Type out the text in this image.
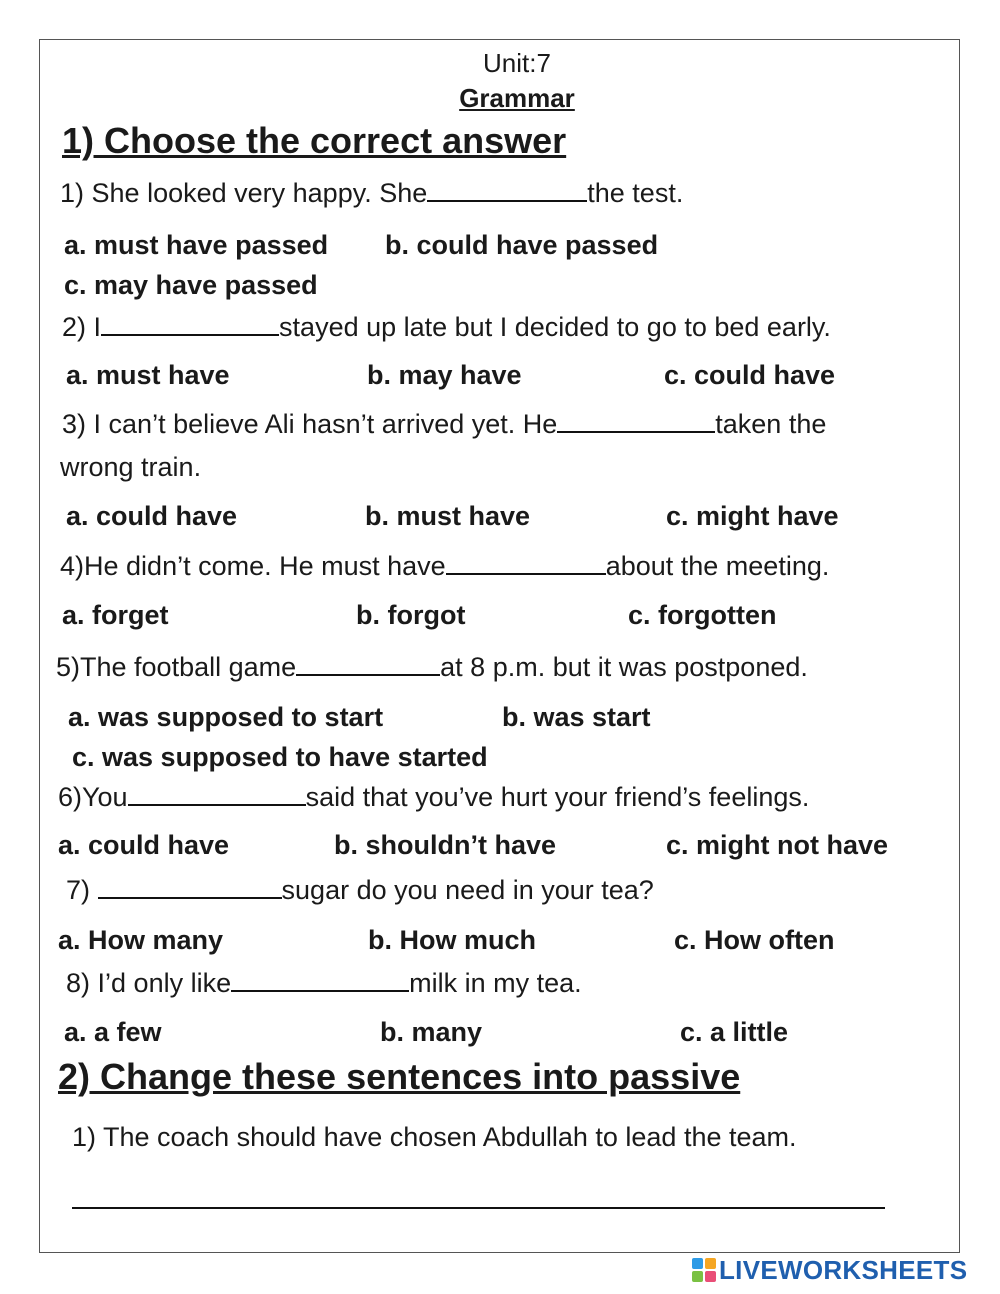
Unit:7
Grammar
1) Choose the correct answer
1) She looked very happy. She	the test.
a. must have passed b. could have passed
c. may have passed
2) I	stayed up late but I decided to go to bed early.
a. must have	b. may have	c. could have
3) I can’t believe Ali hasn’t arrived yet. He	taken the
wrong train.
a. could have	b. must have	c. might have
4)He didn’t come. He must have	about the meeting.
a. forget	b. forgot	c. forgotten
5)The football game	at 8 p.m. but it was postponed.
a. was supposed to start	b. was start
c. was supposed to have started
6)You	said that you’ve hurt your friend’s feelings.
a. could have	b. shouldn’t have	c. might not have
7)	sugar do you need in your tea?
a. How many	b. How much	c. How often
8) I’d only like	milk in my tea.
a. a few	b. many	c. a little
2) Change these sentences into passive
1) The coach should have chosen Abdullah to lead the team.
LIVEWORKSHEETS
